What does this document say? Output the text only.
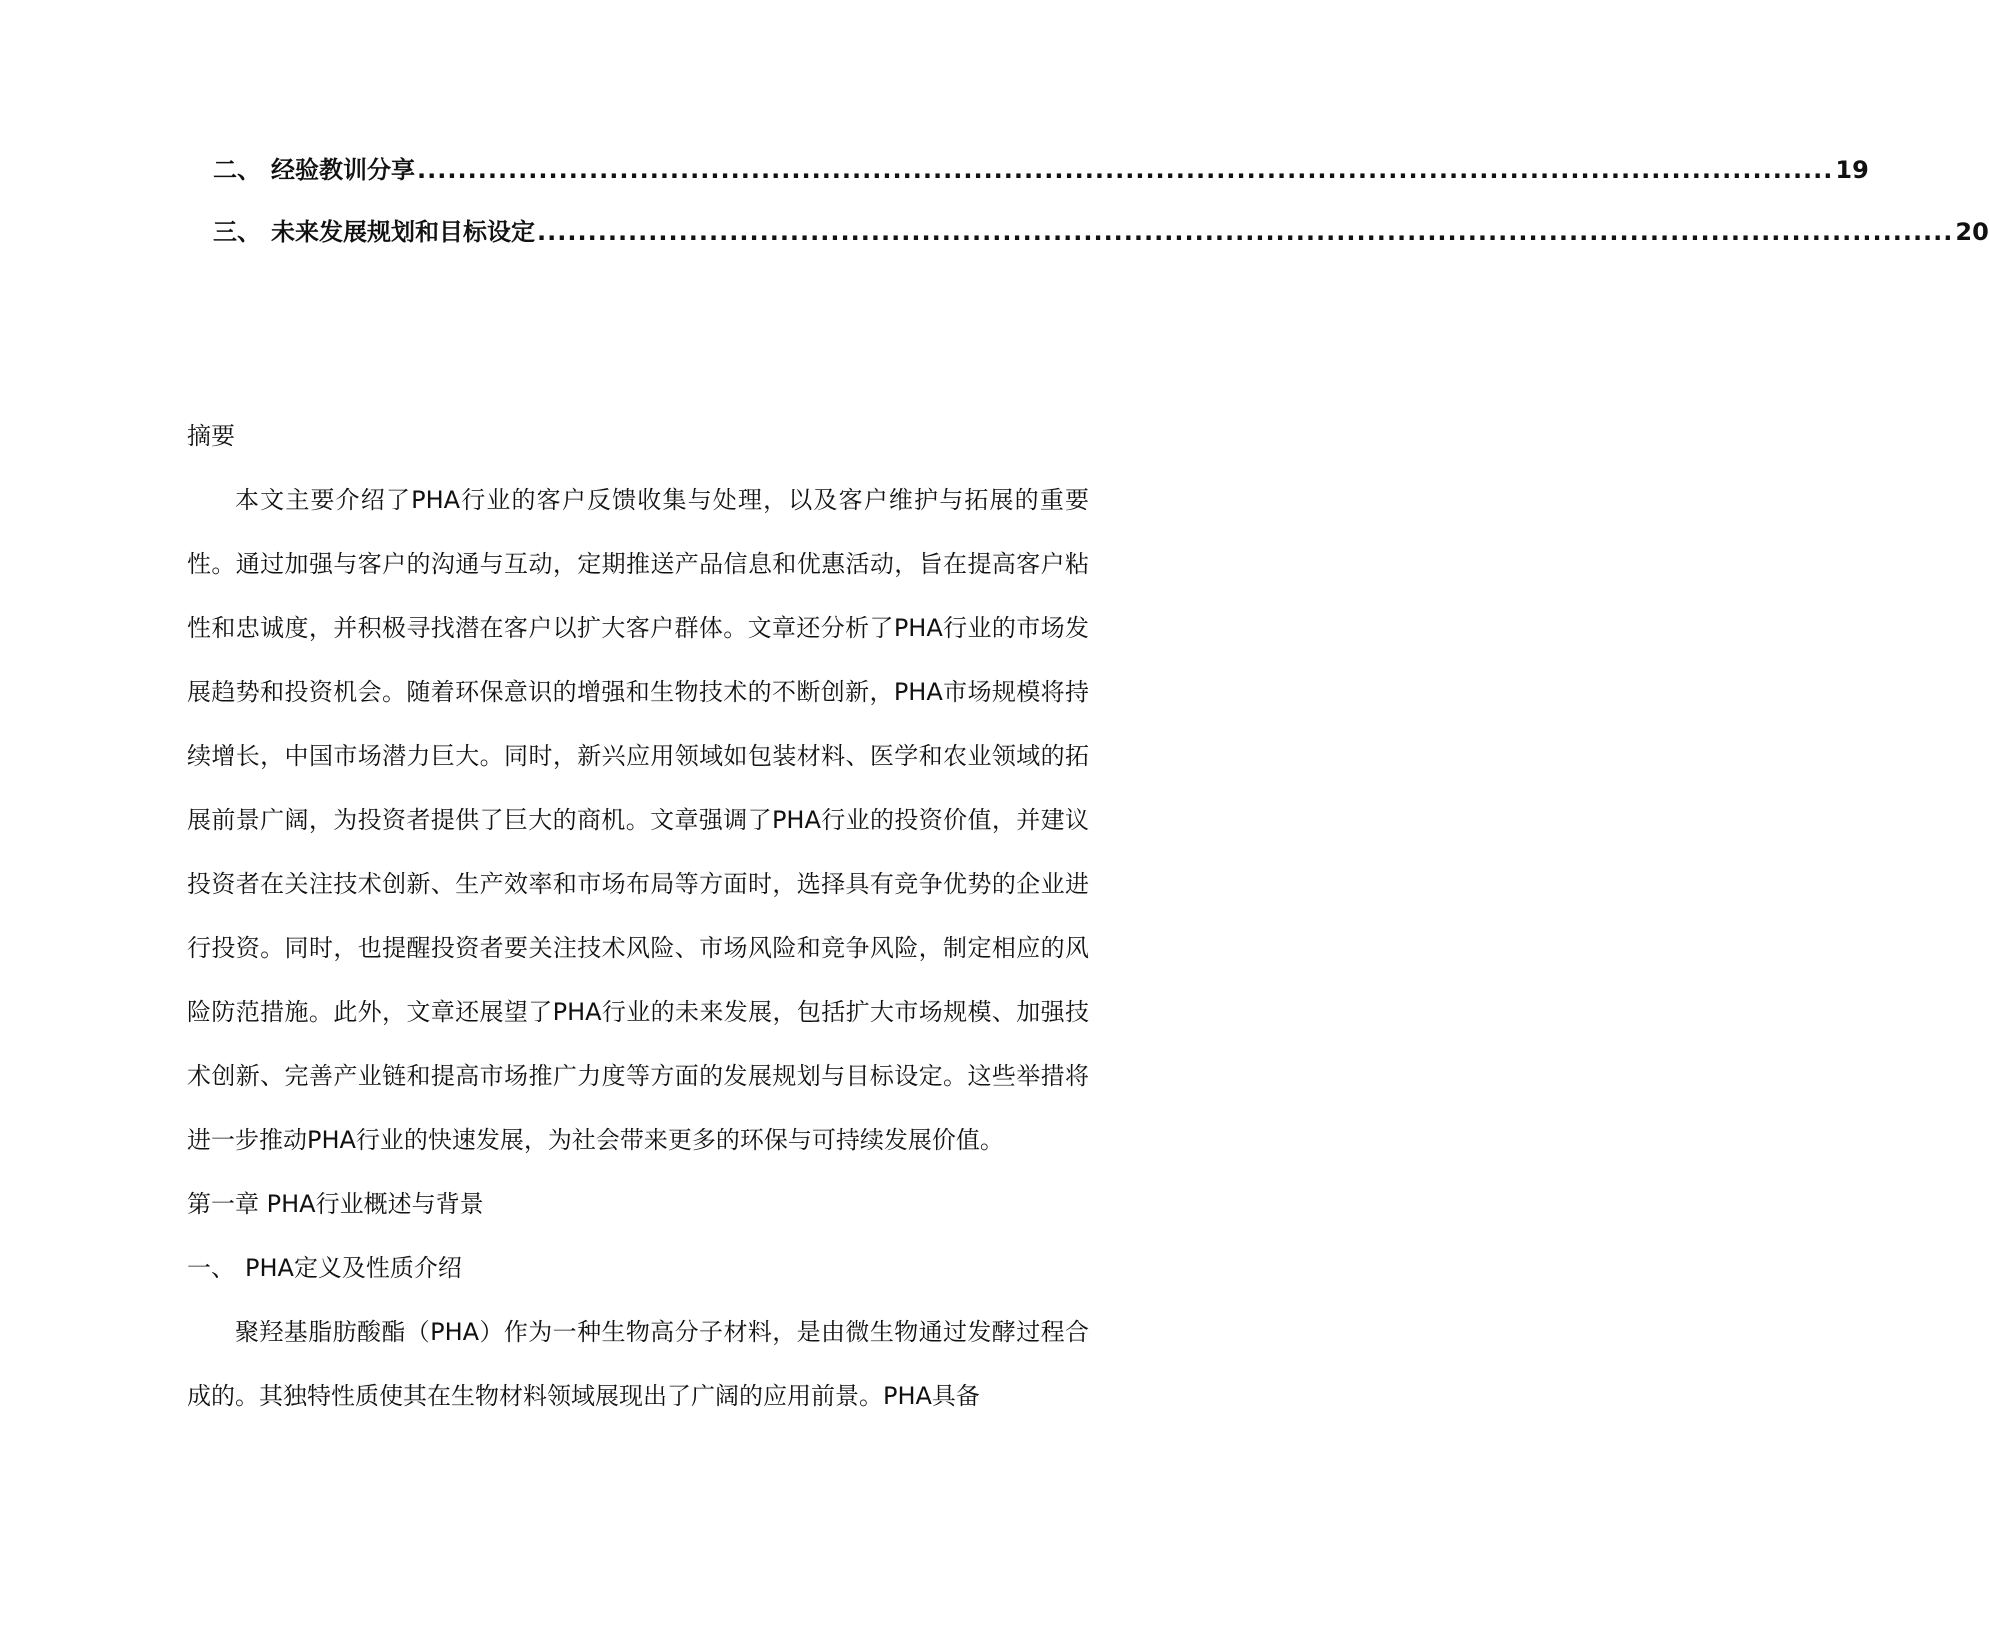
二、 经验教训分享 ............................................................................................................................................ 19
三、 未来发展规划和目标设定 ............................................................................................................................................ 20
摘要

本文主要介绍了PHA行业的客户反馈收集与处理，以及客户维护与拓展的重要性。通过加强与客户的沟通与互动，定期推送产品信息和优惠活动，旨在提高客户粘性和忠诚度，并积极寻找潜在客户以扩大客户群体。文章还分析了PHA行业的市场发展趋势和投资机会。随着环保意识的增强和生物技术的不断创新，PHA市场规模将持续增长，中国市场潜力巨大。同时，新兴应用领域如包装材料、医学和农业领域的拓展前景广阔，为投资者提供了巨大的商机。文章强调了PHA行业的投资价值，并建议投资者在关注技术创新、生产效率和市场布局等方面时，选择具有竞争优势的企业进行投资。同时，也提醒投资者要关注技术风险、市场风险和竞争风险，制定相应的风险防范措施。此外，文章还展望了PHA行业的未来发展，包括扩大市场规模、加强技术创新、完善产业链和提高市场推广力度等方面的发展规划与目标设定。这些举措将进一步推动PHA行业的快速发展，为社会带来更多的环保与可持续发展价值。

第一章 PHA行业概述与背景
一、 PHA定义及性质介绍

聚羟基脂肪酸酯（PHA）作为一种生物高分子材料，是由微生物通过发酵过程合成的。其独特性质使其在生物材料领域展现出了广阔的应用前景。PHA具备
